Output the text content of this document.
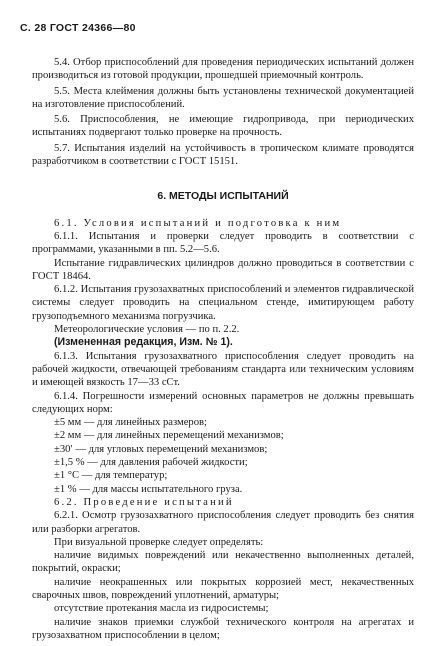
С. 28 ГОСТ 24366—80

5.4. Отбор приспособлений для проведения периодических испытаний должен производиться из готовой продукции, прошедшей приемочный контроль.

5.5. Места клеймения должны быть установлены технической документацией на изготовление приспособлений.

5.6. Приспособления, не имеющие гидропривода, при периодических испытаниях подвергают только проверке на прочность.

5.7. Испытания изделий на устойчивость в тропическом климате проводятся разработчиком в соответствии с ГОСТ 15151.

6. МЕТОДЫ ИСПЫТАНИЙ

6.1. Условия испытаний и подготовка к ним

6.1.1. Испытания и проверки следует проводить в соответствии с программами, указанными в пп. 5.2—5.6.

Испытание гидравлических цилиндров должно проводиться в соответствии с ГОСТ 18464.

6.1.2. Испытания грузозахватных приспособлений и элементов гидравлической системы следует проводить на специальном стенде, имитирующем работу грузоподъемного механизма погрузчика.

Метеорологические условия — по п. 2.2.

(Измененная редакция, Изм. № 1).

6.1.3. Испытания грузозахватного приспособления следует проводить на рабочей жидкости, отвечающей требованиям стандарта или техническим условиям и имеющей вязкость 17—33 сСт.

6.1.4. Погрешности измерений основных параметров не должны превышать следующих норм:

±5 мм — для линейных размеров;

±2 мм — для линейных перемещений механизмов;

±30′ — для угловых перемещений механизмов;

±1,5 % — для давления рабочей жидкости;

±1 °С — для температур;

±1 % — для массы испытательного груза.

6.2. Проведение испытаний

6.2.1. Осмотр грузозахватного приспособления следует проводить без снятия или разборки агрегатов.

При визуальной проверке следует определять:

наличие видимых повреждений или некачественно выполненных деталей, покрытий, окраски;

наличие неокрашенных или покрытых коррозией мест, некачественных сварочных швов, повреждений уплотнений, арматуры;

отсутствие протекания масла из гидросистемы;

наличие знаков приемки службой технического контроля на агрегатах и грузозахватном приспособлении в целом;
